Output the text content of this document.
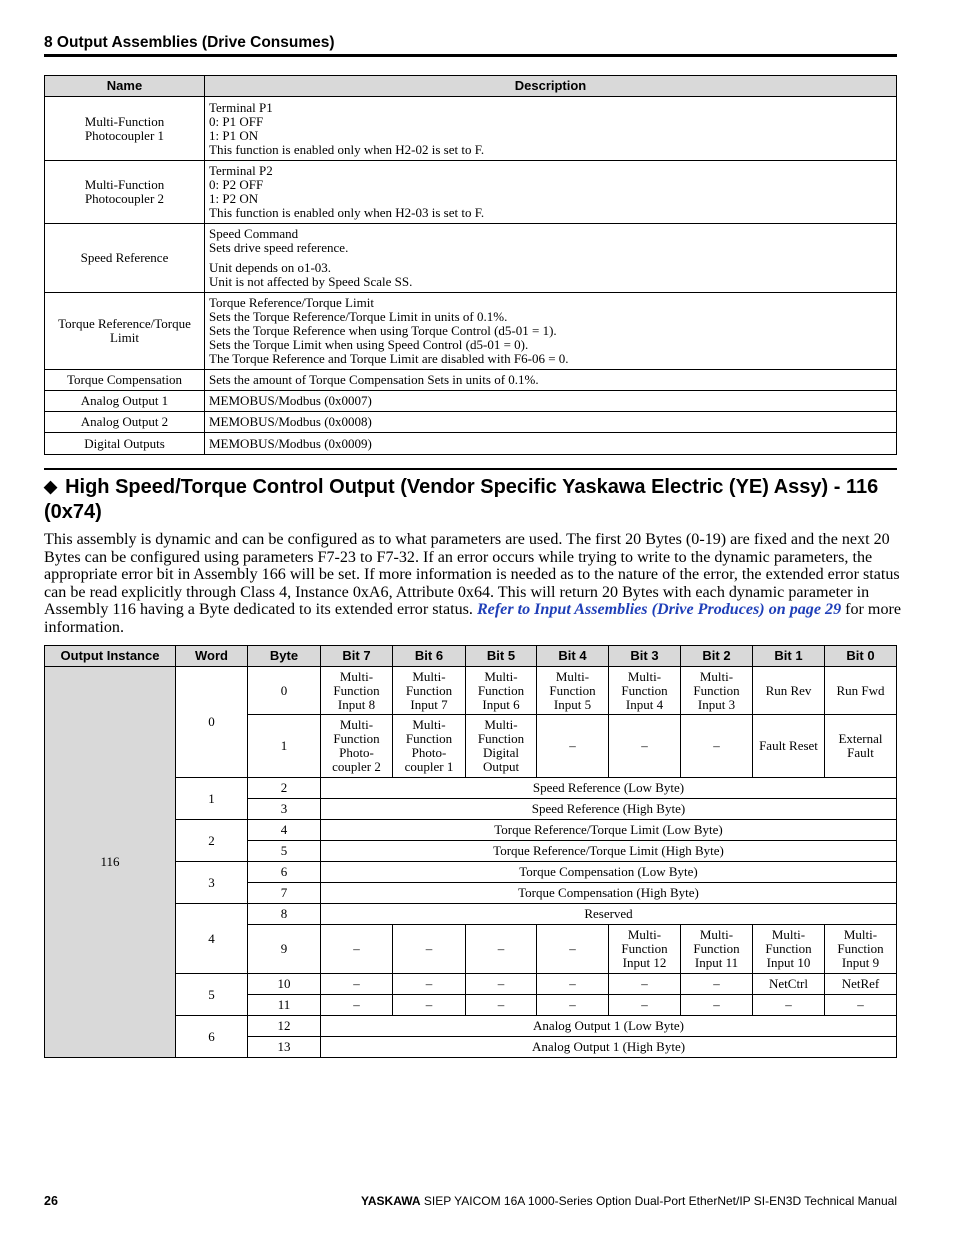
8 Output Assemblies (Drive Consumes)
Name	Description
Multi-Function Photocoupler 1	Terminal P1
0: P1 OFF
1: P1 ON
This function is enabled only when H2-02 is set to F.

Multi-Function Photocoupler 2	Terminal P2
0: P2 OFF
1: P2 ON
This function is enabled only when H2-03 is set to F.

Speed Reference	Speed Command
Sets drive speed reference.
Unit depends on o1-03.
Unit is not affected by Speed Scale SS.

Torque Reference/Torque Limit	Torque Reference/Torque Limit
Sets the Torque Reference/Torque Limit in units of 0.1%.
Sets the Torque Reference when using Torque Control (d5-01 = 1).
Sets the Torque Limit when using Speed Control (d5-01 = 0).
The Torque Reference and Torque Limit are disabled with F6-06 = 0.

Torque Compensation	Sets the amount of Torque Compensation Sets in units of 0.1%.
Analog Output 1	MEMOBUS/Modbus (0x0007)
Analog Output 2	MEMOBUS/Modbus (0x0008)
Digital Outputs	MEMOBUS/Modbus (0x0009)
◆ High Speed/Torque Control Output (Vendor Specific Yaskawa Electric (YE) Assy) - 116 (0x74)
This assembly is dynamic and can be configured as to what parameters are used. The first 20 Bytes (0-19) are fixed and the next 20 Bytes can be configured using parameters F7-23 to F7-32. If an error occurs while trying to write to the dynamic parameters, the appropriate error bit in Assembly 166 will be set. If more information is needed as to the nature of the error, the extended error status can be read explicitly through Class 4, Instance 0xA6, Attribute 0x64. This will return 20 Bytes with each dynamic parameter in Assembly 116 having a Byte dedicated to its extended error status. Refer to Input Assemblies (Drive Produces) on page 29 for more information.
Output Instance	Word	Byte	Bit 7	Bit 6	Bit 5	Bit 4	Bit 3	Bit 2	Bit 1	Bit 0
116	0	0	Multi-Function Input 8	Multi-Function Input 7	Multi-Function Input 6	Multi-Function Input 5	Multi-Function Input 4	Multi-Function Input 3	Run Rev	Run Fwd
		1	Multi-Function Photo-coupler 2	Multi-Function Photo-coupler 1	Multi-Function Digital Output	–	–	–	Fault Reset	External Fault
	1	2	Speed Reference (Low Byte)							
		3	Speed Reference (High Byte)							
	2	4	Torque Reference/Torque Limit (Low Byte)							
		5	Torque Reference/Torque Limit (High Byte)							
	3	6	Torque Compensation (Low Byte)							
		7	Torque Compensation (High Byte)							
	4	8	Reserved							
		9	–	–	–	–	Multi-Function Input 12	Multi-Function Input 11	Multi-Function Input 10	Multi-Function Input 9
	5	10	–	–	–	–	–	–	NetCtrl	NetRef
		11	–	–	–	–	–	–	–	–
	6	12	Analog Output 1 (Low Byte)							
		13	Analog Output 1 (High Byte)							
26	YASKAWA SIEP YAICOM 16A 1000-Series Option Dual-Port EtherNet/IP SI-EN3D Technical Manual
